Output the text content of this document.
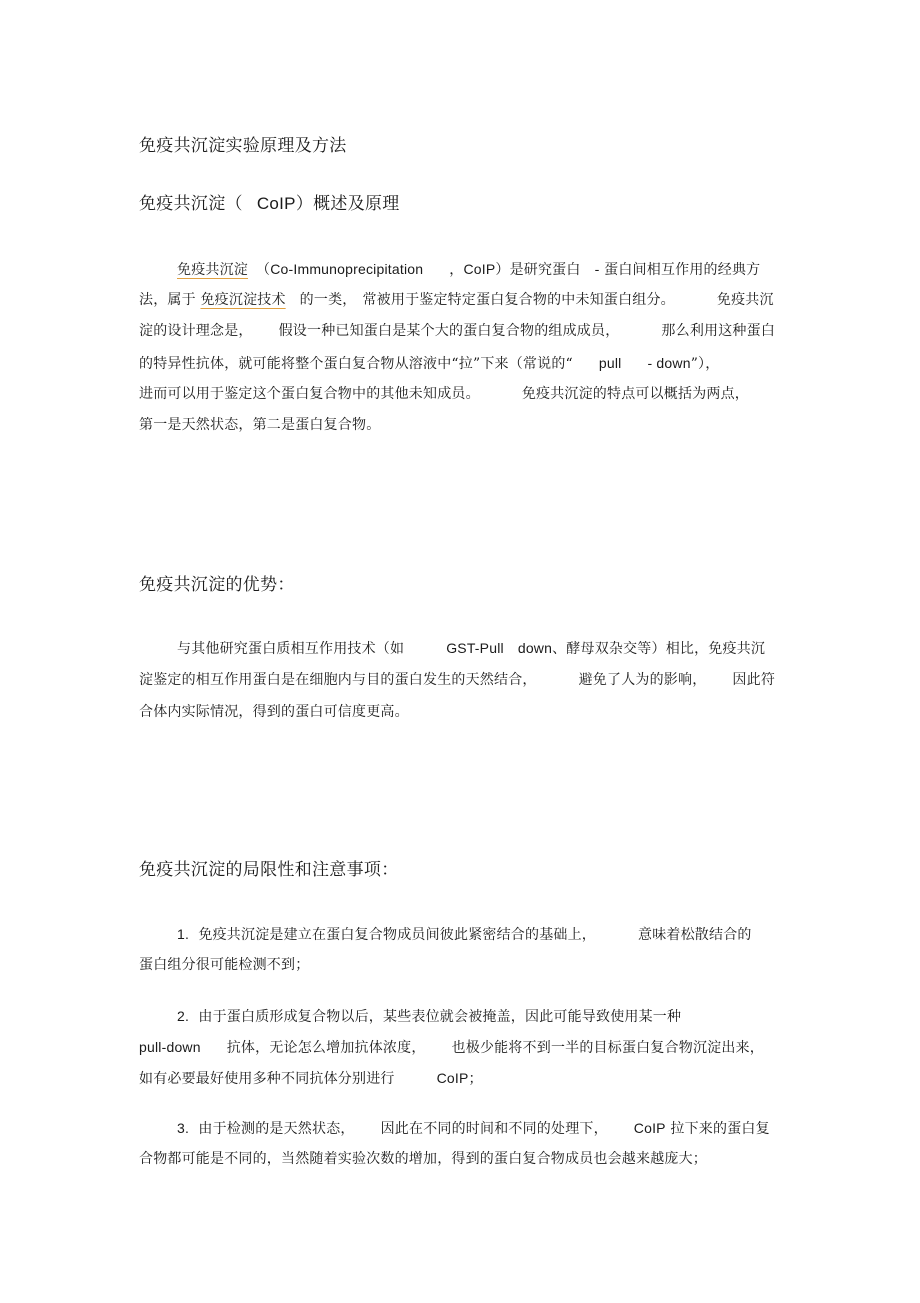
免疫共沉淀实验原理及方法
免疫共沉淀（ CoIP）概述及原理
免疫共沉淀 （Co-Immunoprecipitation ，CoIP）是研究蛋白 - 蛋白间相互作用的经典方
法，属于 免疫沉淀技术 的一类， 常被用于鉴定特定蛋白复合物的中未知蛋白组分。	免疫共沉
淀的设计理念是， 假设一种已知蛋白是某个大的蛋白复合物的组成成员，	那么利用这种蛋白
的特异性抗体，就可能将整个蛋白复合物从溶液中“拉”下来（常说的“ pull - down”），
进而可以用于鉴定这个蛋白复合物中的其他未知成员。	免疫共沉淀的特点可以概括为两点，
第一是天然状态，第二是蛋白复合物。
免疫共沉淀的优势：
与其他研究蛋白质相互作用技术（如	GST-Pull down、酵母双杂交等）相比，免疫共沉
淀鉴定的相互作用蛋白是在细胞内与目的蛋白发生的天然结合，	避免了人为的影响， 因此符
合体内实际情况，得到的蛋白可信度更高。
免疫共沉淀的局限性和注意事项：
1. 免疫共沉淀是建立在蛋白复合物成员间彼此紧密结合的基础上，	意味着松散结合的
蛋白组分很可能检测不到；
2. 由于蛋白质形成复合物以后，某些表位就会被掩盖，因此可能导致使用某一种
pull-down 抗体，无论怎么增加抗体浓度， 也极少能将不到一半的目标蛋白复合物沉淀出来，
如有必要最好使用多种不同抗体分别进行	CoIP；
3. 由于检测的是天然状态， 因此在不同的时间和不同的处理下， CoIP 拉下来的蛋白复
合物都可能是不同的，当然随着实验次数的增加，得到的蛋白复合物成员也会越来越庞大；
